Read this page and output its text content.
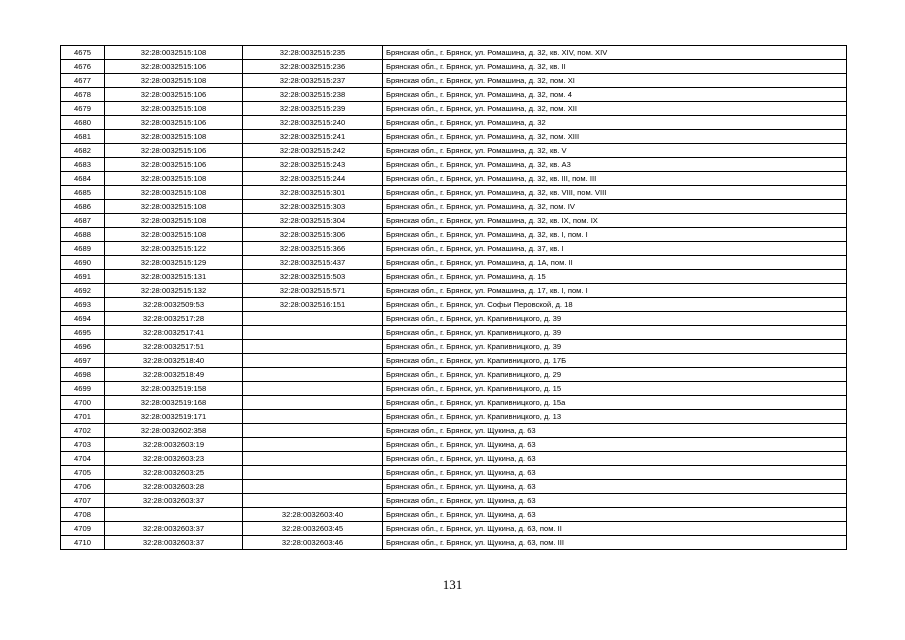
4675	32:28:0032515:108	32:28:0032515:235	Брянская обл., г. Брянск, ул. Ромашина, д. 32, кв. XIV, пом. XIV
4676	32:28:0032515:106	32:28:0032515:236	Брянская обл., г. Брянск, ул. Ромашина, д. 32, кв. II
4677	32:28:0032515:108	32:28:0032515:237	Брянская обл., г. Брянск, ул. Ромашина, д. 32, пом. XI
4678	32:28:0032515:106	32:28:0032515:238	Брянская обл., г. Брянск, ул. Ромашина, д. 32, пом. 4
4679	32:28:0032515:108	32:28:0032515:239	Брянская обл., г. Брянск, ул. Ромашина, д. 32, пом. XII
4680	32:28:0032515:106	32:28:0032515:240	Брянская обл., г. Брянск, ул. Ромашина, д. 32
4681	32:28:0032515:108	32:28:0032515:241	Брянская обл., г. Брянск, ул. Ромашина, д. 32, пом. XIII
4682	32:28:0032515:106	32:28:0032515:242	Брянская обл., г. Брянск, ул. Ромашина, д. 32, кв. V
4683	32:28:0032515:106	32:28:0032515:243	Брянская обл., г. Брянск, ул. Ромашина, д. 32, кв. А3
4684	32:28:0032515:108	32:28:0032515:244	Брянская обл., г. Брянск, ул. Ромашина, д. 32, кв. III, пом. III
4685	32:28:0032515:108	32:28:0032515:301	Брянская обл., г. Брянск, ул. Ромашина, д. 32, кв. VIII, пом. VIII
4686	32:28:0032515:108	32:28:0032515:303	Брянская обл., г. Брянск, ул. Ромашина, д. 32, пом. IV
4687	32:28:0032515:108	32:28:0032515:304	Брянская обл., г. Брянск, ул. Ромашина, д. 32, кв. IX, пом. IX
4688	32:28:0032515:108	32:28:0032515:306	Брянская обл., г. Брянск, ул. Ромашина, д. 32, кв. I, пом. I
4689	32:28:0032515:122	32:28:0032515:366	Брянская обл., г. Брянск, ул. Ромашина, д. 37, кв. I
4690	32:28:0032515:129	32:28:0032515:437	Брянская обл., г. Брянск, ул. Ромашина, д. 1А, пом. II
4691	32:28:0032515:131	32:28:0032515:503	Брянская обл., г. Брянск, ул. Ромашина, д. 15
4692	32:28:0032515:132	32:28:0032515:571	Брянская обл., г. Брянск, ул. Ромашина, д. 17, кв. I, пом. I
4693	32:28:0032509:53	32:28:0032516:151	Брянская обл., г. Брянск, ул. Софьи Перовской, д. 18
4694	32:28:0032517:28		Брянская обл., г. Брянск, ул. Крапивницкого, д. 39
4695	32:28:0032517:41		Брянская обл., г. Брянск, ул. Крапивницкого, д. 39
4696	32:28:0032517:51		Брянская обл., г. Брянск, ул. Крапивницкого, д. 39
4697	32:28:0032518:40		Брянская обл., г. Брянск, ул. Крапивницкого, д. 17Б
4698	32:28:0032518:49		Брянская обл., г. Брянск, ул. Крапивницкого, д. 29
4699	32:28:0032519:158		Брянская обл., г. Брянск, ул. Крапивницкого, д. 15
4700	32:28:0032519:168		Брянская обл., г. Брянск, ул. Крапивницкого, д. 15а
4701	32:28:0032519:171		Брянская обл., г. Брянск, ул. Крапивницкого, д. 13
4702	32:28:0032602:358		Брянская обл., г. Брянск, ул. Щукина, д. 63
4703	32:28:0032603:19		Брянская обл., г. Брянск, ул. Щукина, д. 63
4704	32:28:0032603:23		Брянская обл., г. Брянск, ул. Щукина, д. 63
4705	32:28:0032603:25		Брянская обл., г. Брянск, ул. Щукина, д. 63
4706	32:28:0032603:28		Брянская обл., г. Брянск, ул. Щукина, д. 63
4707	32:28:0032603:37		Брянская обл., г. Брянск, ул. Щукина, д. 63
4708		32:28:0032603:40	Брянская обл., г. Брянск, ул. Щукина, д. 63
4709	32:28:0032603:37	32:28:0032603:45	Брянская обл., г. Брянск, ул. Щукина, д. 63, пом. II
4710	32:28:0032603:37	32:28:0032603:46	Брянская обл., г. Брянск, ул. Щукина, д. 63, пом. III
131
